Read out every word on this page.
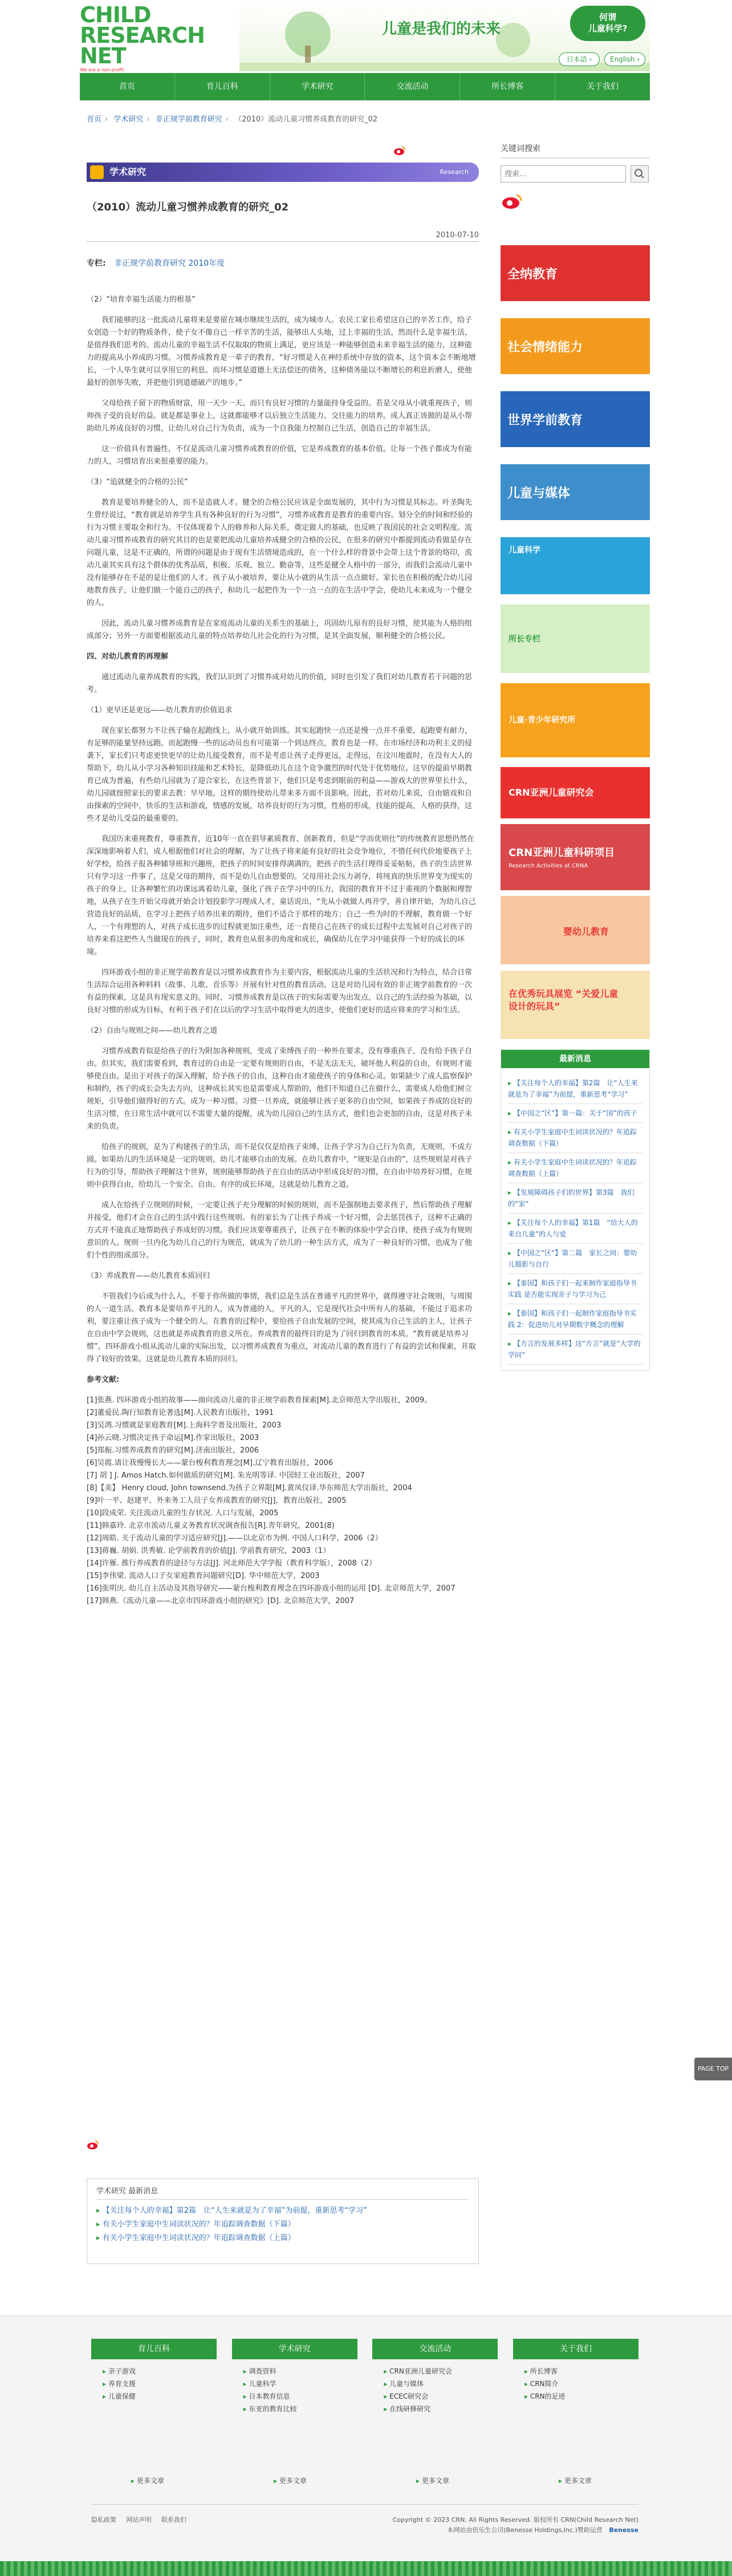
CHILD
RESEARCH
NET
We are a non-profit
儿童是我们的未来
何谓
儿童科学?
日本語 ›	English ›
首页	育儿百科	学术研究	交流活动	所长博客	关于我们
首页 › 学术研究 › 非正规学前教育研究 › （2010）流动儿童习惯养成教育的研究_02
学术研究	Research
（2010）流动儿童习惯养成教育的研究_02
2010-07-10
专栏: 非正规学前教育研究 2010年度
（2）“培育幸福生活能力的根基”

我们能够的这一批流动儿童将来是要留在城市继续生活的，成为城市人。农民工家长希望这自己的辛苦工作，给子女创造一个好的物质条件，使子女不像自己一样辛苦的生活，能够出人头地，过上幸福的生活。然而什么是幸福生活，是值得我们思考的。流动儿童的幸福生活不仅取取的物质上满足，更应该是一种能够创造未来幸福生活的能力，这种能力的提高从小养成的习惯。习惯养成教育是一辈子的教育，“好习惯是人在神经系统中存放的资本，这个资本会不断地增长，一个人毕生就可以享用它的利息。而坏习惯是道德上无法偿还的债务，这种债务能以不断增长的利息折磨人，使他最好的创举失败，并把他引到道德破产的地步。”

父母给孩子留下的物质财富，用一天少一天。而只有良好习惯的力量能持身受益的。若是父母从小就重视孩子，则帅孩子受的良好的益。就是都是事业上，这就都能够才以后独立生活能力、交往能力的培养。成人真正该做的是从小帮助幼儿养成良好的习惯，让幼儿对自己行为负责，成为一个自我能力控制自己生活，创造自己的幸福生活。

这一价值具有普遍性，不仅是流动儿童习惯养成教育的价值，它是养成教育的基本价值。让每一个孩子都成为有能力的人，习惯培育出来很重要的能力。

（3）“追就健全的合格的公民”

教育是要培养健全的人，而不是造就人才。健全的合格公民应该是全面发展的，其中行为习惯是其标志。叶圣陶先生曾经说过，“教育就是培养学生具有各种良好的行为习惯”，习惯养成教育是教育的重要内容。划分全的时间和经验的行为习惯主要取全和行为。不仅体现着个人的修养和人际关系，奠定做人的基础，也反映了我国民的社会文明程度。流动儿童习惯养成教育的研究其目的也是要把流动儿童培养成健全的合格的公民，在很多的研究中都提到流动看做是存在问题儿童，这是不正确的，所谓的问题是由于现有生活情境造成的，在一个什么样的背景中会带上这个背景的烙印，流动儿童其实具有这个群体的优秀品质，积极、乐观、独立、勤奋等，这些是健全人格中的一部分，而我们会流动儿童中没有能够存在不是的是让他们的人才。孩子从小被培养，要让从小就的从生活一点点做好。家长也在积极的配合幼儿园地教育孩子，让他们做一个能自己的孩子，和幼儿一起把作为一个一点一点的在生活中学会，使幼儿未来成为一个健全的人。

因此，流动儿童习惯养成教育是在家庭流动儿童的关系生的基础上，巩固幼儿原有的良好习惯，使其能为人格的组成部分；另外一方面要根据流动儿童的特点培养幼儿社会化的行为习惯，是其全面发展，顺利健全的合格公民。

四、对幼儿教育的再理解

通过流动儿童养成教育的实践，我们认识到了习惯养成对幼儿的价值，同时也引发了我们对幼儿教育若干问题的思考。

（1）更早还是更远——幼儿教育的价值追求

现在家长都努力不让孩子输在起跑线上，从小就开始训练。其实起跑快一点还是慢一点并不重要，起跑要有耐力，有足够的能量坚持远跑。而起跑慢一些的运动员也有可能第一个到达终点，教育也是一样。在市场经济和功利主义的侵袭下，家长们只考虑更快更早的让幼儿接受教育，而不是考虑让孩子走得更远，走得远，在汶川地震时，在没有大人的帮助下，幼儿从小学习各种知识技能和艺术特长，是降低幼儿在这个竞争激烈的时代处于优势地位。这早的提前早期教育已成为普遍，有些幼儿园就为了迎合家长，在这些背景下，他们只是考虑到眼前的利益——游戏大的世界里长什么，幼儿园就按照家长的要求去教：早早地。这样的期待使幼儿带来多方面不良影响。因此，若对幼儿来说，自由嬉戏和自由探索的空间中，快乐的生活和游戏，情感的发展，培养良好的行为习惯，性格的形成，技能的提高，人格的获得，这些才是幼儿受益的最重要的。

我国历来重视教育，尊重教育，近10年一直在倡导素质教育、创新教育，但是“学而优则仕”的传统教育思想仍然在深深地影响着人们，成人根据他们对社会的理解，为了让孩子将来能有良好的社会竞争地位，不惜任何代价地要孩子上好学校，给孩子报各种辅导班和兴趣班，把孩子的时间安排得满满的，把孩子的生活打理得妥妥帖帖，孩子的生活世界只有学习这一件事了，这是父母的期待，而不是幼儿自由想要的。父母用社会压力剥夺，将纯真的快乐世界变为现实的孩子的身上，让各种繁忙的功课远离着幼儿童，强化了孩子在学习中的压力，我国的教育并不过于重视的个数据和理智地，从孩子在生开始父母就开始会计划投影学习理成人才，童话说出，“先从小就做人再开学，善自律开始，为幼儿自己营造良好的品质，在学习上把孩子培养出来的期待，他们不适合于那样的地方；自己一些为时的不理解，教育做一个好人，一个有理想的人，对孩子成长进步的过程就更加注重些，还一直使自己在孩子的成长过程中去发展对自己对孩子的培养来看这把些人当做现在的孩子，同时，教育也从很多的角度和成长，确保幼儿在学习中能获得一个好的成长的环境。

四环游戏小组的非正规学前教育是以习惯养成教育作为主要内容，根据流动儿童的生活状况和行为特点，结合日常生活综合运用各种料料（故事、儿歌、音乐等）开展有针对性的教育活动。这是对幼儿园有效的非正规学前教育的一次有益的探索，这是具有现实意义的。同时，习惯养成教育是以孩子的实际需要为出发点，以自己的生活经验为基础，以良好习惯的形成为目标，有利于孩子们在以后的学习生活中取得更大的进步，使他们更好的适应将来的学习和生活。

（2）自由与规则之间——幼儿教育之道

习惯养成教育似是给孩子的行为附加各种规则，变成了束缚孩子的一种外在要求，没有尊重孩子，没有给予孩子自由。但其实，我们需要看到，教育过的自由是一定要有规则的自由，不是无法无天，破坏他人利益的自由，有规则才能够使自由。是出于对孩子的深入理解，给予孩子的自由，这种自由才能使孩子的身体和心灵。如果缺少了成人监察保护和制约，孩子的成长会失去方向，这种成长其实也是需要成人帮助的，他们不知道自己在做什么，需要成人给他们树立规矩，引导他们做得好的方式。成为一种习惯。习惯一旦养成，就能够让孩子更多的自由空间，如果孩子养成的良好的生活习惯，在日常生活中就可以不需要大量的提醒，成为幼儿园自己的生活方式，他们也会更加的自由，这是对孩子未来的负责。

给孩子的规则，是为了构建孩子的生活，而不是仅仅是给孩子束缚。让孩子学习为自己行为负责，无规则，不成方圆。如果幼儿的生活环境是一定的规则，幼儿才能够自由的发展。在幼儿教育中，“规矩是自由的”，这些规则是对孩子行为的引导，帮助孩子理解这个世界，规则能够帮助孩子在自由的活动中形成良好的习惯，在自由中培养好习惯，在规则中获得自由，给幼儿一个安全、自由、有序的成长环境，这就是幼儿教育之道。

成人在给孩子立规则的时候，一定要让孩子充分理解的时候的规则，而不是强制地去要求孩子，然后帮助孩子理解并接受，他们才会在自己的生活中践行这些规则。有的家长为了让孩子养成一个好习惯，会去惩罚孩子，这种不正确的方式并不能真正地帮助孩子养成好的习惯。我们应该要尊重孩子，让孩子在不断的体验中学会自律，使孩子成为有规则意识的人。规则一旦内化为幼儿自己的行为规范，就成为了幼儿的一种生活方式，成为了一种良好的习惯，也成为了他们个性的组成部分。

（3）养成教育——幼儿教育本质回归

不管我们今后成为什么人，不要于你所做的事情，我们总是生活在普通平凡的世界中，就得遵守社会规则，与周围的人一道生活。教育本是要培养平凡的人，成为普通的人，平凡的人，它是现代社会中所有人的基础，不能过于追求功利，要注重让孩子成为一个健全的人。在教育的过程中，要给孩子自由发展的空间，使其成为自己生活的主人，让孩子在自由中学会规则，这也就是养成教育的意义所在。养成教育的最终目的是为了回归到教育的本质。“教育就是培养习惯”，四环游戏小组从流动儿童的实际出发，以习惯养成教育为重点，对流动儿童的教育进行了有益的尝试和探索，并取得了较好的效果。这就是幼儿教育本质的回归。

参考文献:

[1]张燕. 四环游戏小组的故事——面向流动儿童的非正规学前教育探索[M].北京师范大学出版社，2009。

[2]董爱民.陶行知教育论著选[M].人民教育出版社，1991

[3]吴鸿.习惯就是家庭教育[M].上海科学普及出版社，2003

[4]孙云晓.习惯决定孩子命运[M].作家出版社，2003

[5]郑振.习惯养成教育的研究[M].济南出版社，2006

[6]吴霞.请让我慢慢长大——蒙台梭利教育理念[M].辽宁教育出版社，2006

[7] 胡 ] J. Amos Hatch.如何做质的研究[M]. 朱光明等译. 中国轻工业出版社，2007

[8]【美】 Henry cloud, John townsend.为孩子立界限[M].黄凤仪译.华东师范大学出版社，2004

[9]叶一平、赵建平、外来务工人员子女养成教育的研究[J]，教育出版社，2005

[10]段成荣. 关注流动儿童的生存状况. 人口与发展，2005

[11]韩嘉玲. 北京市流动儿童义务教育状况调查报告[R].青年研究，2001(8)

[12]周皓. 关于流动儿童的学习适应研究[J].——以北京市为例. 中国人口科学，2006（2）

[13]蒋巍. 胡娟. 洪秀敏. 论学前教育的价值[J]. 学前教育研究，2003（1）

[14]许雁. 推行养成教育的途径与方法[J]. 河北师范大学学报（教育科学版），2008（2）

[15]李伟梁. 流动人口子女家庭教育问题研究[D]. 华中师范大学，2003

[16]张明庆. 幼儿自主活动及其指导研究——蒙台梭利教育理念在四环游戏小组的运用 [D]. 北京师范大学，2007

[17]韩燕.《流动儿童——北京市四环游戏小组的研究》[D]. 北京师范大学，2007

学术研究 最新消息
▸ 【关注每个人的幸福】第2篇　让“人生来就是为了幸福”为前提，重新思考“学习”
▸ 有关小学生家庭中生词读状况的？年追踪调查数据（下篇）
▸ 有关小学生家庭中生词读状况的？年追踪调查数据（上篇）
关键词搜索
搜索...
全纳教育
社会情绪能力
世界学前教育
儿童与媒体
儿童科学
所长专栏
儿童·青少年研究所
CRN亚洲儿童研究会
CRN亚洲儿童科研项目
Research Activities at CRNA
婴幼儿教育
在优秀玩具展览 “关爱儿童设计的玩具”
最新消息
▸ 【关注每个人的幸福】第2篇　让“人生来就是为了幸福”为前提，重新思考“学习”
▸ 【中国之“区”】第一篇：关于“国”的孩子
▸ 有关小学生家庭中生词读状况的？年追踪调查数据（下篇）
▸ 有关小学生家庭中生词读状况的？年追踪调查数据（上篇）
▸ 【发展障碍孩子们的世界】第3篇　我们的“家”
▸ 【关注每个人的幸福】第1篇　“给大人的来自儿童”的人与爱
▸ 【中国之“区”】第二篇　家长之间：婴幼儿摄影与自行
▸ 【泰国】和孩子们一起来制作家庭指导书实践 是否能实现亲子与学习为己
▸ 【泰国】和孩子们一起制作家庭指导书实践 2：促进幼儿对早期数字概念的理解
▸ 【方言的发展多样】这“方言”就是“大学的学问”
PAGE TOP
育儿百科
▸ 亲子游戏
▸ 养育支援
▸ 儿童保健
学术研究
▸ 调查资料
▸ 儿童科学
▸ 日本教育信息
▸ 东亚的教育比较
交流活动
▸ CRN亚洲儿童研究会
▸ 儿童与媒体
▸ ECEC研究会
▸ 在线研修研究
关于我们
▸ 所长博客
▸ CRN简介
▸ CRN的足迹
▸ 更多文章	▸ 更多文章	▸ 更多文章	▸ 更多文章
隐私政策 网站声明 联系我们	Copyright © 2023 CRN. All Rights Reserved. 版权所有 CRN(Child Research Net)
本网站由倍乐生公司(Benesse Holdings,Inc.)赞助运营 Benesse
